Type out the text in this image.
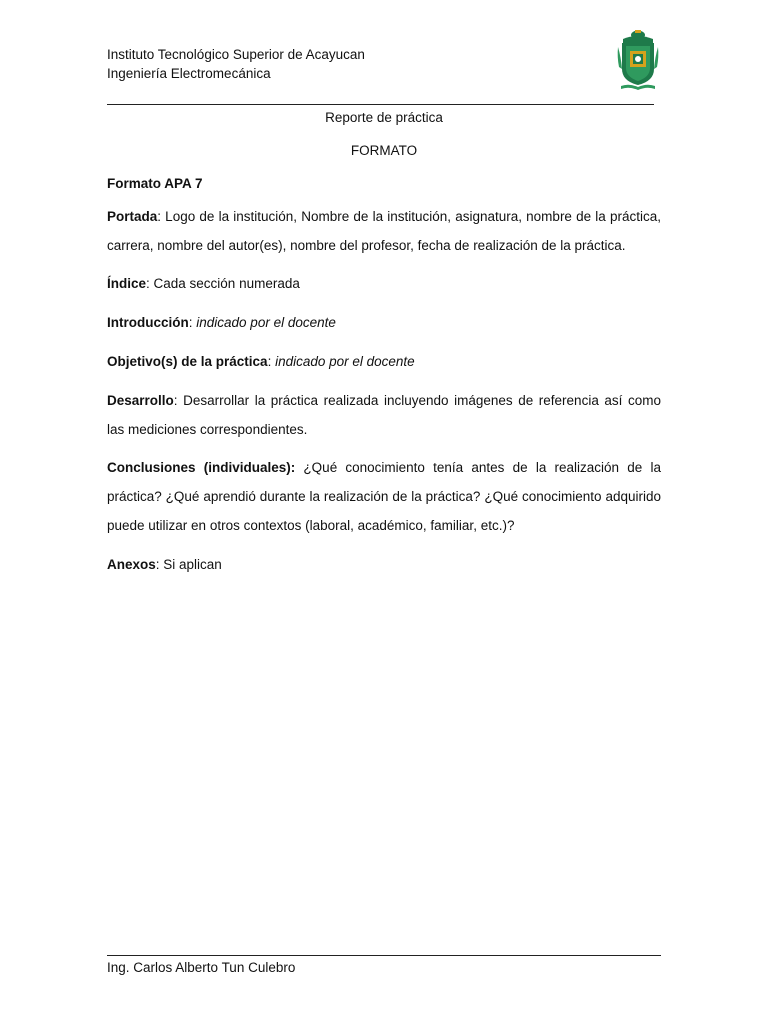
Instituto Tecnológico Superior de Acayucan
Ingeniería Electromecánica
Reporte de práctica
FORMATO

Formato APA 7

Portada: Logo de la institución, Nombre de la institución, asignatura, nombre de la práctica, carrera, nombre del autor(es), nombre del profesor, fecha de realización de la práctica.

Índice: Cada sección numerada

Introducción: indicado por el docente

Objetivo(s) de la práctica: indicado por el docente

Desarrollo: Desarrollar la práctica realizada incluyendo imágenes de referencia así como las mediciones correspondientes.

Conclusiones (individuales): ¿Qué conocimiento tenía antes de la realización de la práctica? ¿Qué aprendió durante la realización de la práctica? ¿Qué conocimiento adquirido puede utilizar en otros contextos (laboral, académico, familiar, etc.)?

Anexos: Si aplican

Ing. Carlos Alberto Tun Culebro
